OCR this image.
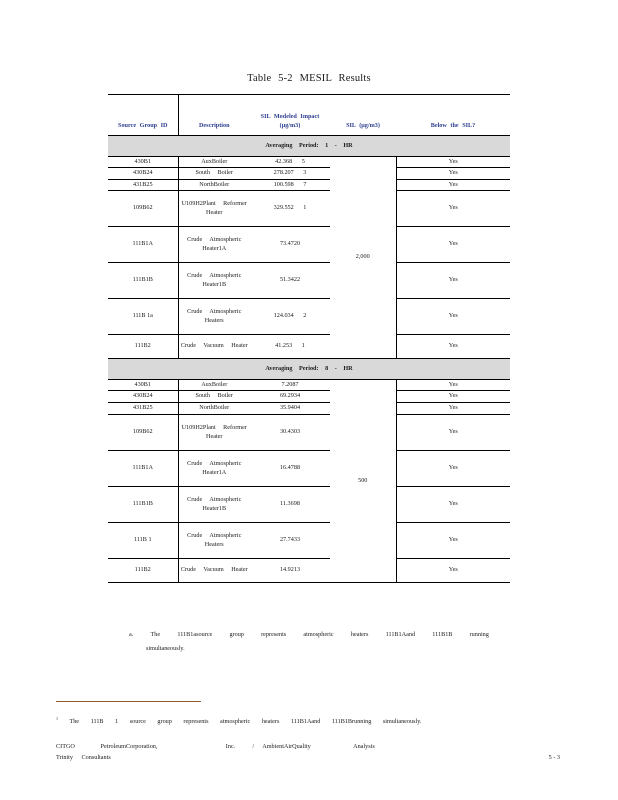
Table 5-2 MESIL Results
Source Group ID	Description	SIL Modeled Impact (μg/m3)	SIL (μg/m3)	Below the SIL?
Averaging Period: 1 - HR				
430B1	AuxBoiler	42.368 5	2,000	Yes
430B24	South Boiler	278.207 3		Yes
431B25	NorthBoiler	100.598 7		Yes
109B62	U109H2Plant Reformer Heater	329.552 1		Yes
111B1A	Crude Atmospheric Heater1A	73.4720		Yes
111B1B	Crude Atmospheric Heater1B	51.3422		Yes
111B 1a	Crude Atmospheric Heaters	124.034 2		Yes
111B2	Crude Vacuum Heater	41.253 1		Yes
Averaging Period: 8 - HR				
430B1	AuxBoiler	7.2087	500	Yes
430B24	South Boiler	69.2934		Yes
431B25	NorthBoiler	35.9404		Yes
109B62	U109H2Plant Reformer Heater	30.4303		Yes
111B1A	Crude Atmospheric Heater1A	16.4788		Yes
111B1B	Crude Atmospheric Heater1B	11.3698		Yes
111B 1	Crude Atmospheric Heaters	27.7433		Yes
111B2	Crude Vacuum Heater	14.9213		Yes
a.	The	111B1asource	group	represents	atmospheric	heaters	111B1Aand	111B1B	running
simultaneously.
$^1$ The 111B 1 source group represents atmospheric heaters 111B1Aand 111B1Brunning simultaneously.
CITGO   PetroleumCorporation,        Inc.  / AmbientAirQuality     Analysis
Trinity Consultants	5 - 3
